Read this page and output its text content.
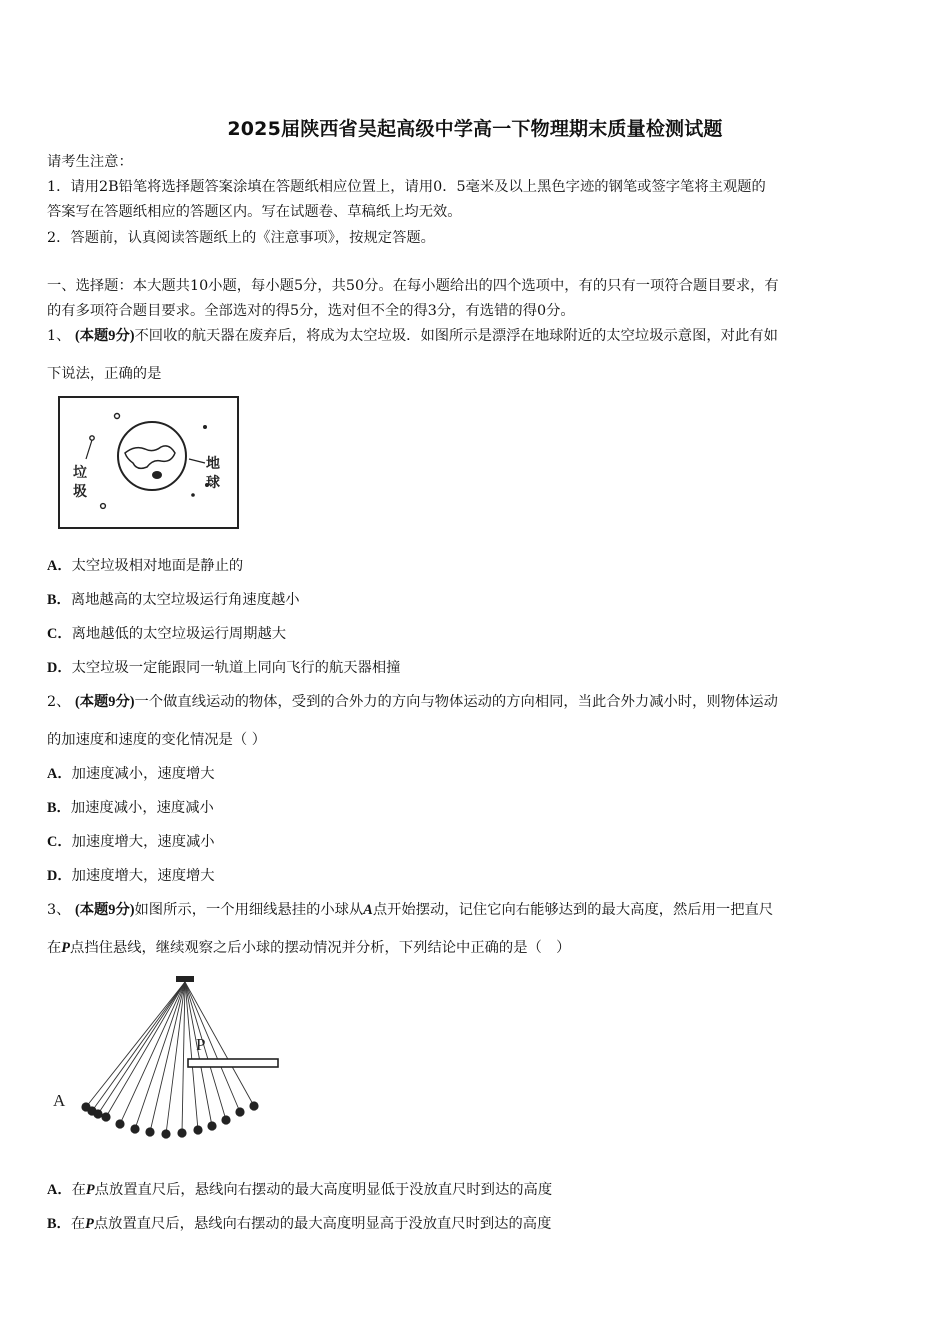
2025届陕西省吴起高级中学高一下物理期末质量检测试题
请考生注意：
1．请用2B铅笔将选择题答案涂填在答题纸相应位置上，请用0．5毫米及以上黑色字迹的钢笔或签字笔将主观题的
答案写在答题纸相应的答题区内。写在试题卷、草稿纸上均无效。
2．答题前，认真阅读答题纸上的《注意事项》，按规定答题。
一、选择题：本大题共10小题，每小题5分，共50分。在每小题给出的四个选项中，有的只有一项符合题目要求，有
的有多项符合题目要求。全部选对的得5分，选对但不全的得3分，有选错的得0分。
1、 (本题9分)不回收的航天器在废弃后，将成为太空垃圾．如图所示是漂浮在地球附近的太空垃圾示意图，对此有如
下说法，正确的是
垃
圾
地
球
A．太空垃圾相对地面是静止的
B．离地越高的太空垃圾运行角速度越小
C．离地越低的太空垃圾运行周期越大
D．太空垃圾一定能跟同一轨道上同向飞行的航天器相撞
2、 (本题9分)一个做直线运动的物体，受到的合外力的方向与物体运动的方向相同，当此合外力减小时，则物体运动
的加速度和速度的变化情况是（ ）
A．加速度减小，速度增大
B．加速度减小，速度减小
C．加速度增大，速度减小
D．加速度增大，速度增大
3、 (本题9分)如图所示，一个用细线悬挂的小球从A点开始摆动，记住它向右能够达到的最大高度，然后用一把直尺
在P点挡住悬线，继续观察之后小球的摆动情况并分析，下列结论中正确的是（　）
P
A
A．在P点放置直尺后，悬线向右摆动的最大高度明显低于没放直尺时到达的高度
B．在P点放置直尺后，悬线向右摆动的最大高度明显高于没放直尺时到达的高度
